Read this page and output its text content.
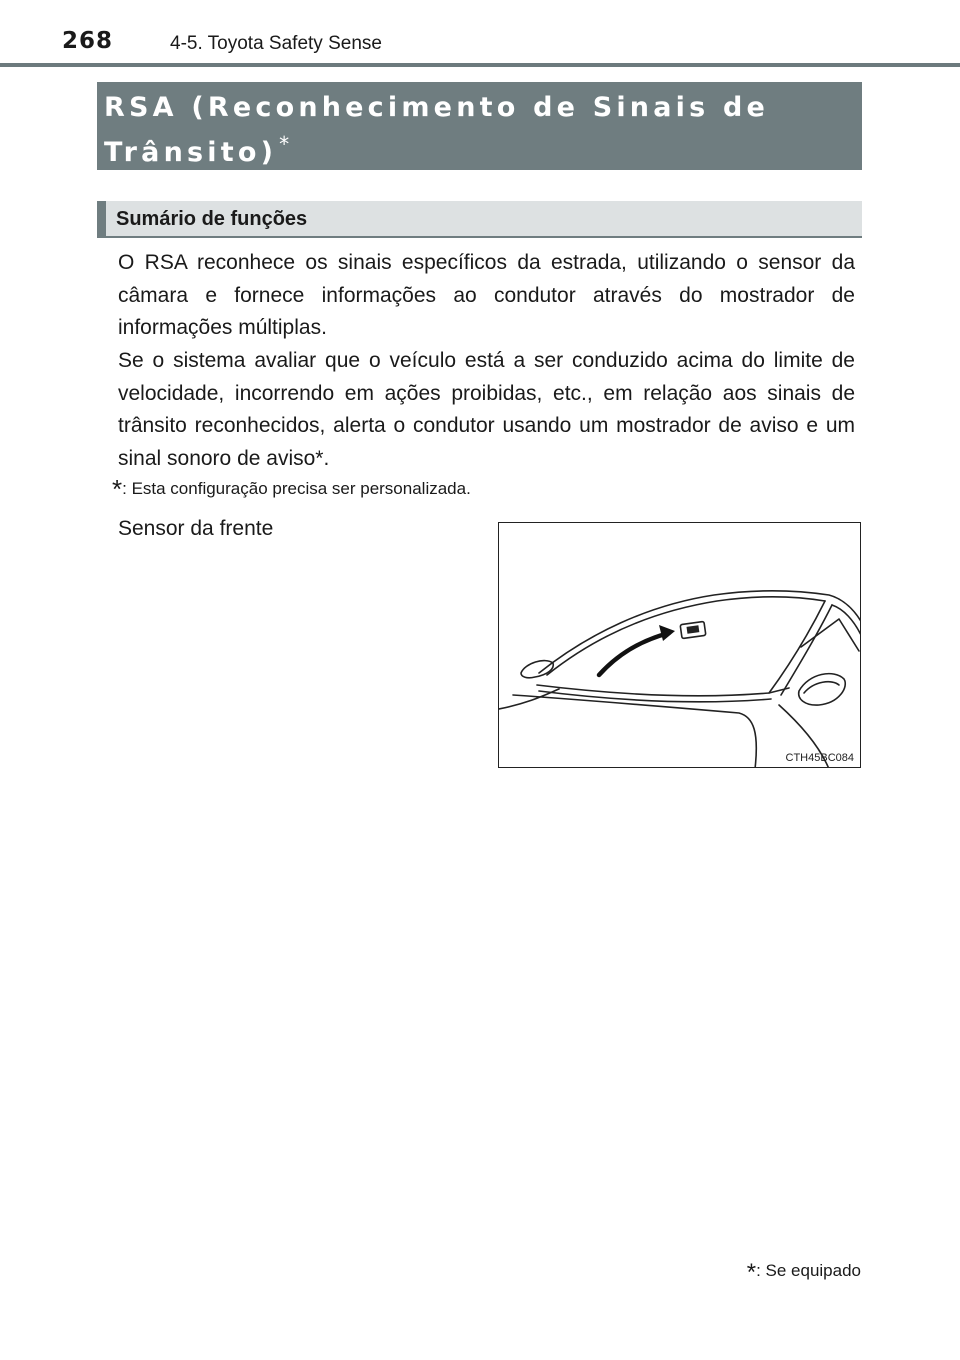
268	4-5. Toyota Safety Sense
RSA (Reconhecimento de Sinais de
Trânsito) *
Sumário de funções
O RSA reconhece os sinais específicos da estrada, utilizando o sensor da câmara e fornece informações ao condutor através do mostrador de informações múltiplas.
Se o sistema avaliar que o veículo está a ser conduzido acima do limite de velocidade, incorrendo em ações proibidas, etc., em relação aos sinais de trânsito reconhecidos, alerta o condutor usando um mostrador de aviso e um sinal sonoro de aviso*.
*: Esta configuração precisa ser personalizada.
Sensor da frente
CTH45BC084
*: Se equipado
